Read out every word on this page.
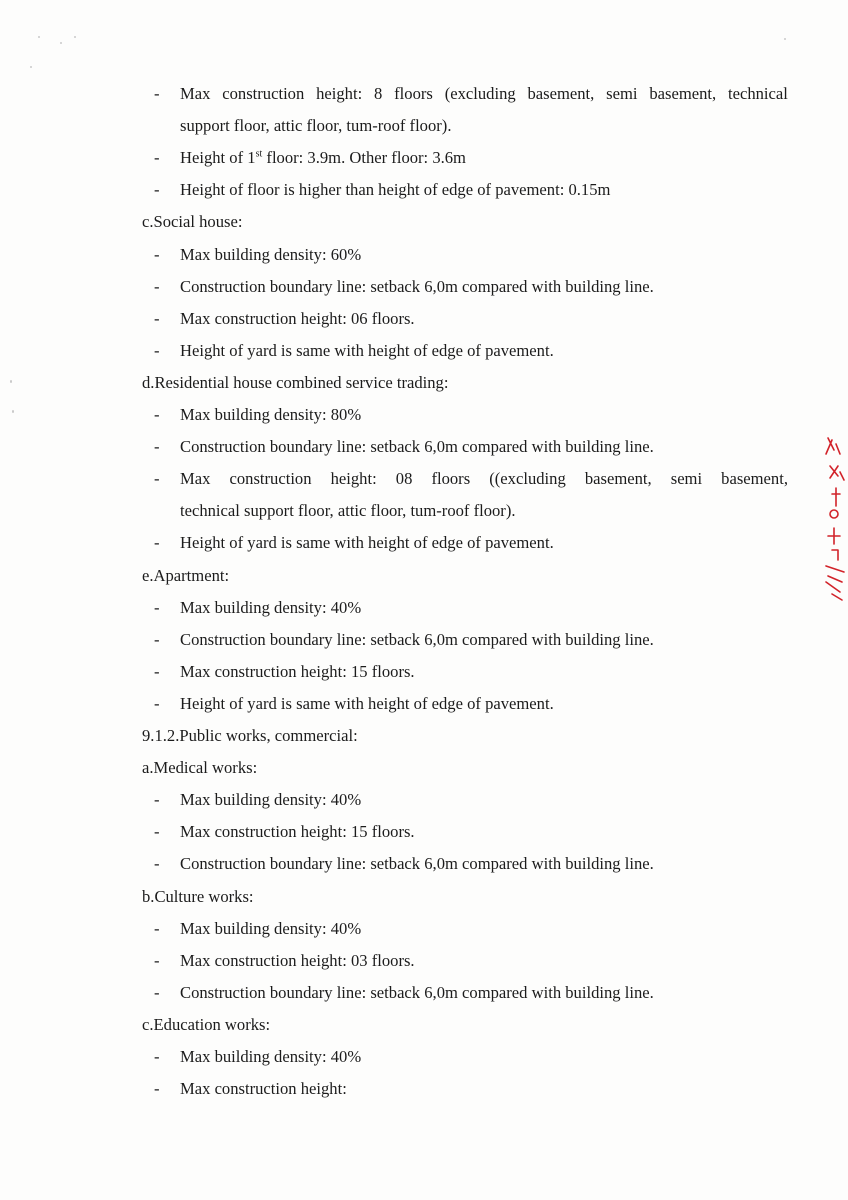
- Max construction height: 8 floors (excluding basement, semi basement, technical
support floor, attic floor, tum-roof floor).
- Height of 1st floor: 3.9m. Other floor: 3.6m
- Height of floor is higher than height of edge of pavement: 0.15m
c.Social house:
- Max building density: 60%
- Construction boundary line: setback 6,0m compared with building line.
- Max construction height: 06 floors.
- Height of yard is same with height of edge of pavement.
d.Residential house combined service trading:
- Max building density: 80%
- Construction boundary line: setback 6,0m compared with building line.
- Max construction height: 08 floors ((excluding basement, semi basement,
technical support floor, attic floor, tum-roof floor).
- Height of yard is same with height of edge of pavement.
e.Apartment:
- Max building density: 40%
- Construction boundary line: setback 6,0m compared with building line.
- Max construction height: 15 floors.
- Height of yard is same with height of edge of pavement.
9.1.2.Public works, commercial:
a.Medical works:
- Max building density: 40%
- Max construction height: 15 floors.
- Construction boundary line: setback 6,0m compared with building line.
b.Culture works:
- Max building density: 40%
- Max construction height: 03 floors.
- Construction boundary line: setback 6,0m compared with building line.
c.Education works:
- Max building density: 40%
- Max construction height:
